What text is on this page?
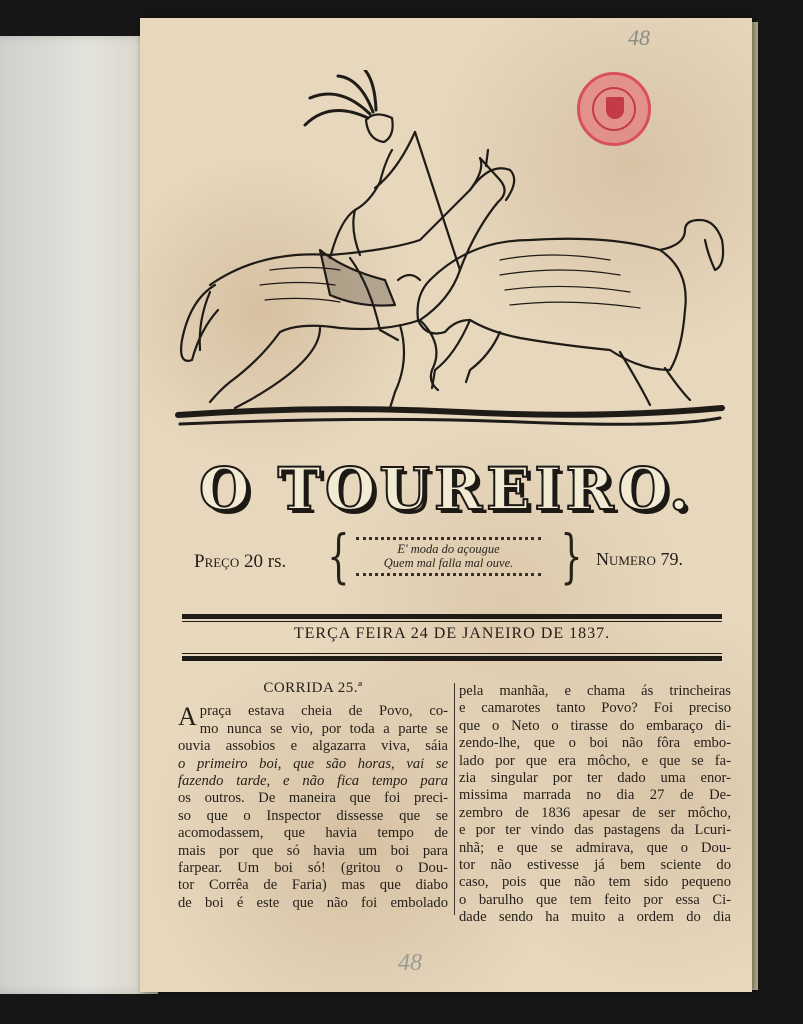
48
O TOUREIRO.
Preço 20 rs. {	E' moda do açougue
Quem mal falla mal ouve. } Numero 79.
TERÇA FEIRA 24 DE JANEIRO DE 1837.
CORRIDA 25.ª
A praça estava cheia de Povo, co-
mo nunca se vio, por toda a parte se
ouvia assobios e algazarra viva, sáia
o primeiro boi, que são horas, vai se
fazendo tarde, e não fica tempo para
os outros. De maneira que foi preci-
so que o Inspector dissesse que se
acomodassem, que havia tempo de
mais por que só havia um boi para
farpear. Um boi só! (gritou o Dou-
tor Corrêa de Faria) mas que diabo
de boi é este que não foi embolado
pela manhãa, e chama ás trincheiras
e camarotes tanto Povo? Foi preciso
que o Neto o tirasse do embaraço di-
zendo-lhe, que o boi não fôra embo-
lado por que era môcho, e que se fa-
zia singular por ter dado uma enor-
missima marrada no dia 27 de De-
zembro de 1836 apesar de ser môcho,
e por ter vindo das pastagens da Lcuri-
nhã; e que se admirava, que o Dou-
tor não estivesse já bem sciente do
caso, pois que não tem sido pequeno
o barulho que tem feito por essa Ci-
dade sendo ha muito a ordem do dia
48
